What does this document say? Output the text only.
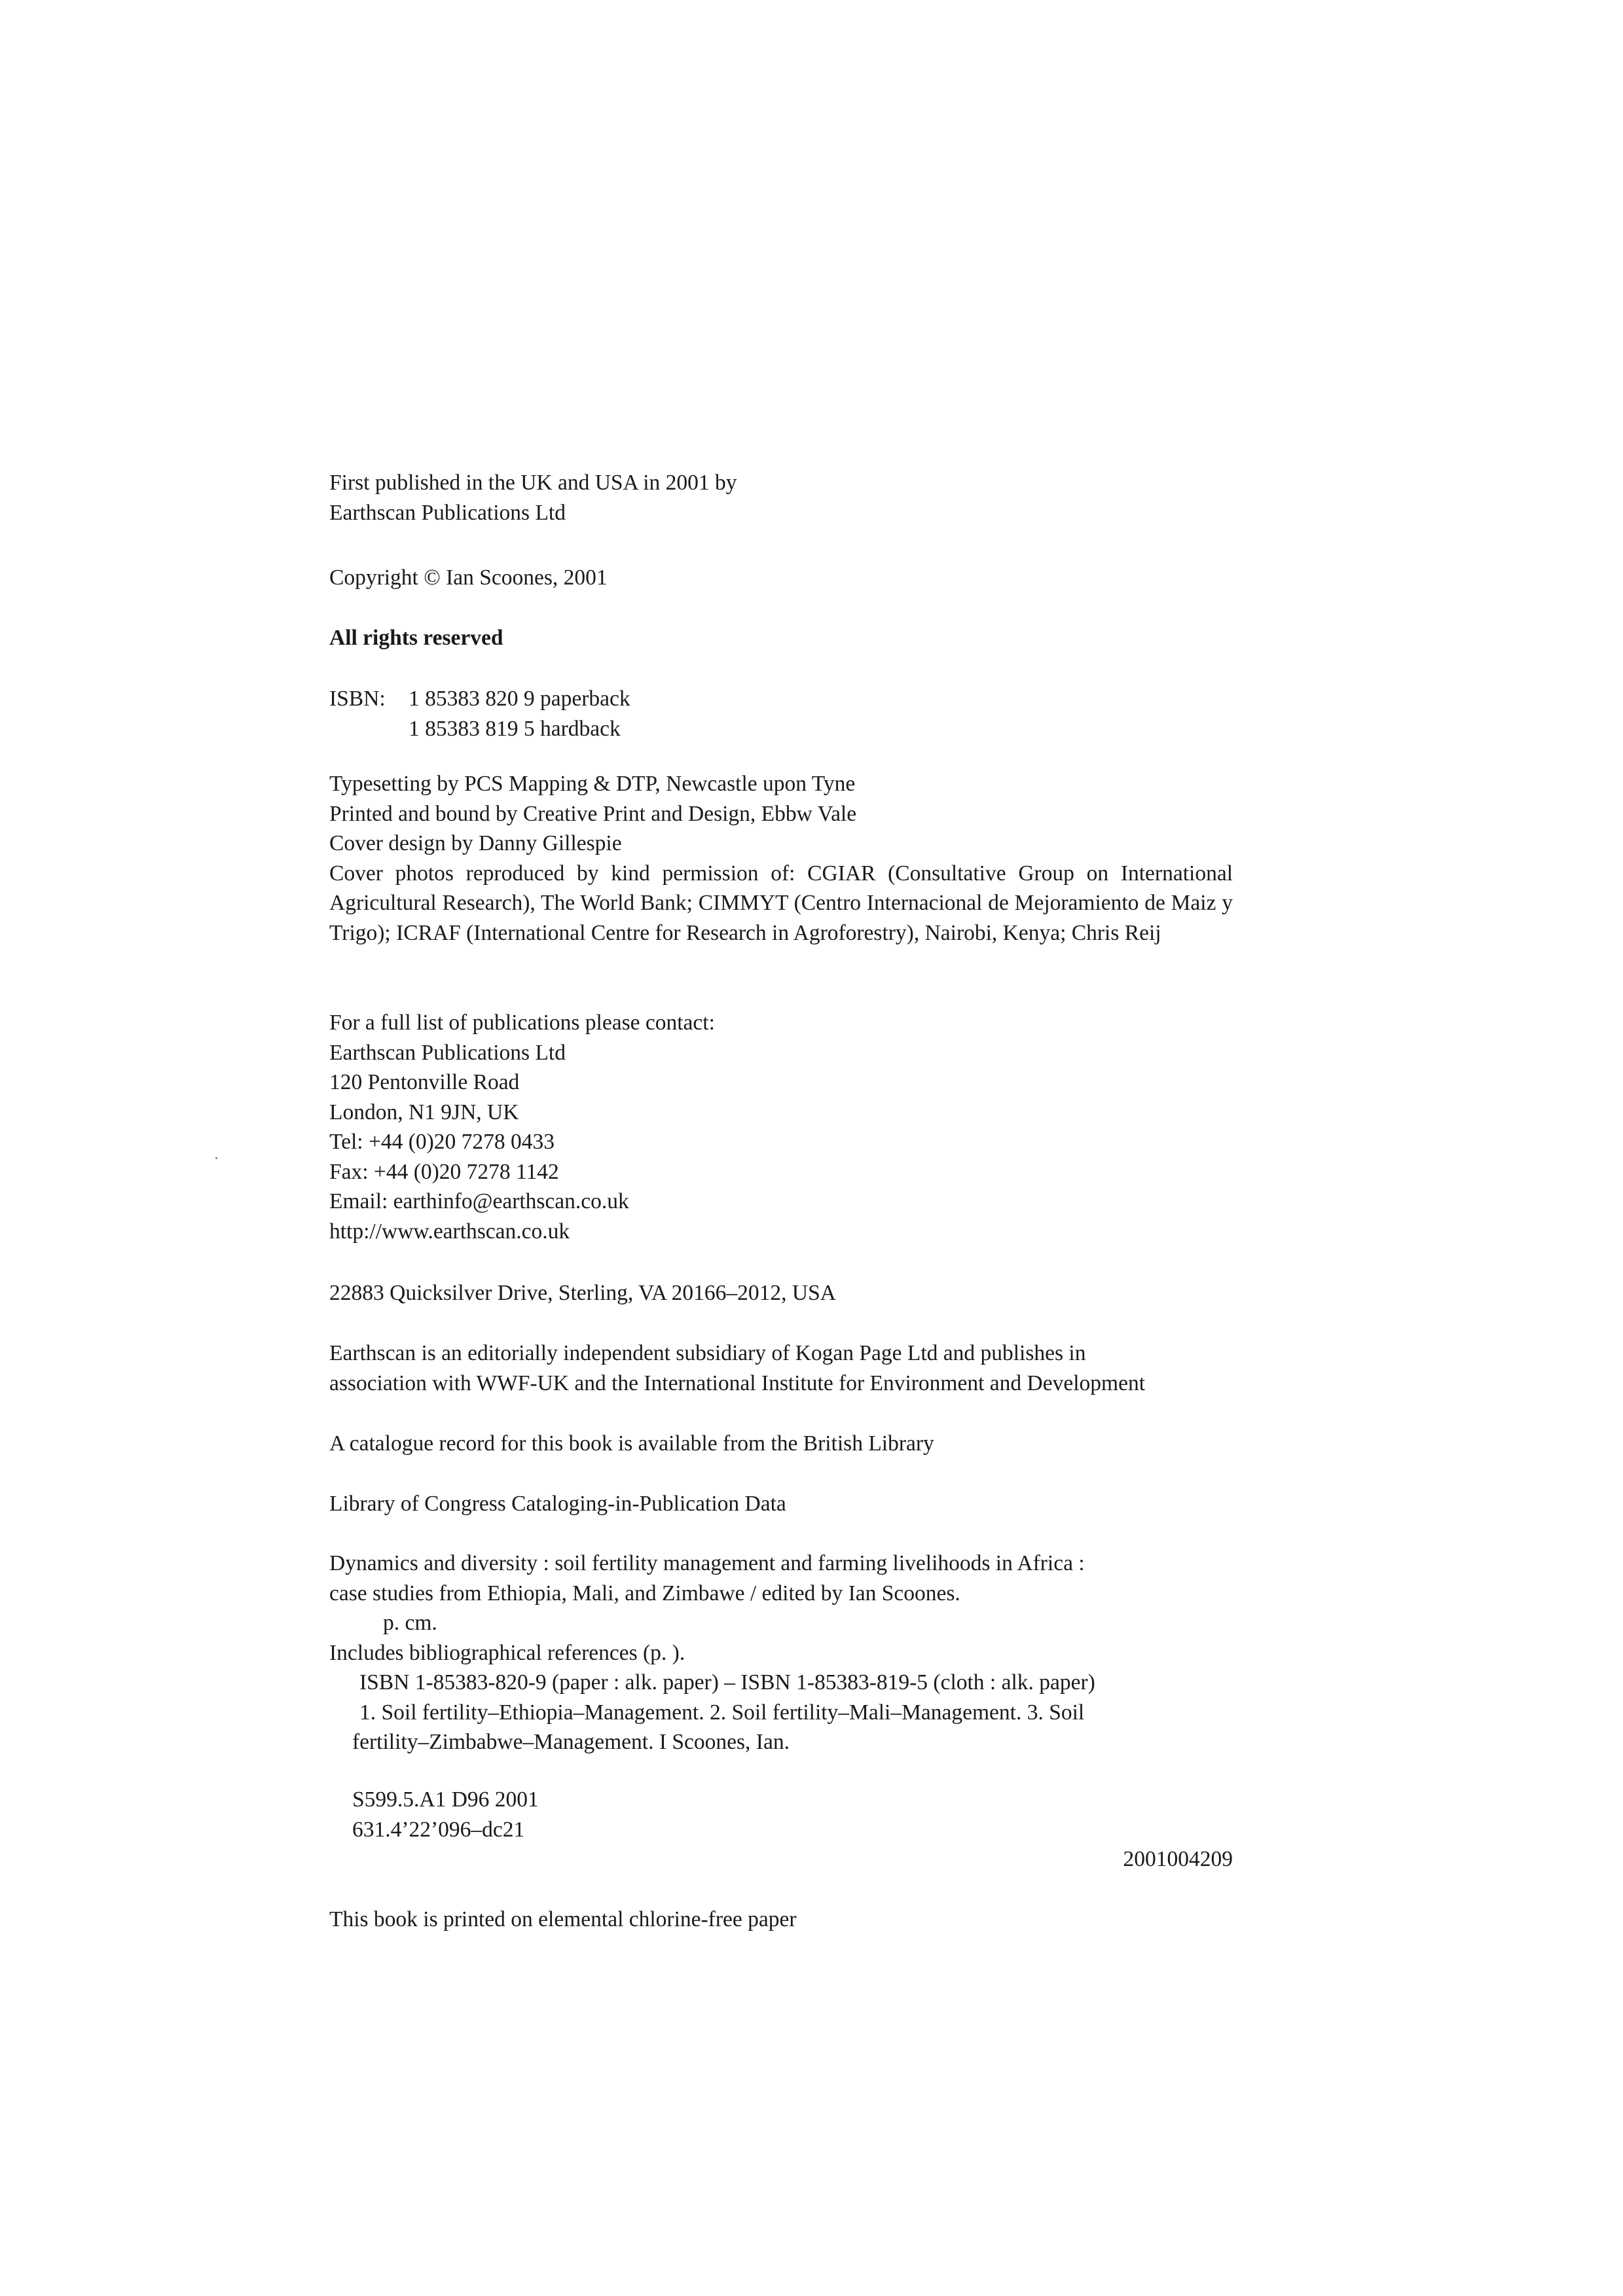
First published in the UK and USA in 2001 by
Earthscan Publications Ltd
Copyright © Ian Scoones, 2001
All rights reserved
ISBN:	1 85383 820 9 paperback
1 85383 819 5 hardback
Typesetting by PCS Mapping & DTP, Newcastle upon Tyne
Printed and bound by Creative Print and Design, Ebbw Vale
Cover design by Danny Gillespie
Cover photos reproduced by kind permission of: CGIAR (Consultative Group on International Agricultural Research), The World Bank; CIMMYT (Centro Internacional de Mejoramiento de Maiz y Trigo); ICRAF (International Centre for Research in Agroforestry), Nairobi, Kenya; Chris Reij
For a full list of publications please contact:
Earthscan Publications Ltd
120 Pentonville Road
London, N1 9JN, UK
Tel: +44 (0)20 7278 0433
Fax: +44 (0)20 7278 1142
Email: earthinfo@earthscan.co.uk
http://www.earthscan.co.uk
22883 Quicksilver Drive, Sterling, VA 20166–2012, USA
Earthscan is an editorially independent subsidiary of Kogan Page Ltd and publishes in
association with WWF-UK and the International Institute for Environment and Development
A catalogue record for this book is available from the British Library
Library of Congress Cataloging-in-Publication Data
Dynamics and diversity : soil fertility management and farming livelihoods in Africa :
case studies from Ethiopia, Mali, and Zimbawe / edited by Ian Scoones.
p. cm.
Includes bibliographical references (p. ).
ISBN 1-85383-820-9 (paper : alk. paper) – ISBN 1-85383-819-5 (cloth : alk. paper)
1. Soil fertility–Ethiopia–Management. 2. Soil fertility–Mali–Management. 3. Soil
fertility–Zimbabwe–Management. I Scoones, Ian.
S599.5.A1 D96 2001
631.4’22’096–dc21
2001004209
This book is printed on elemental chlorine-free paper
